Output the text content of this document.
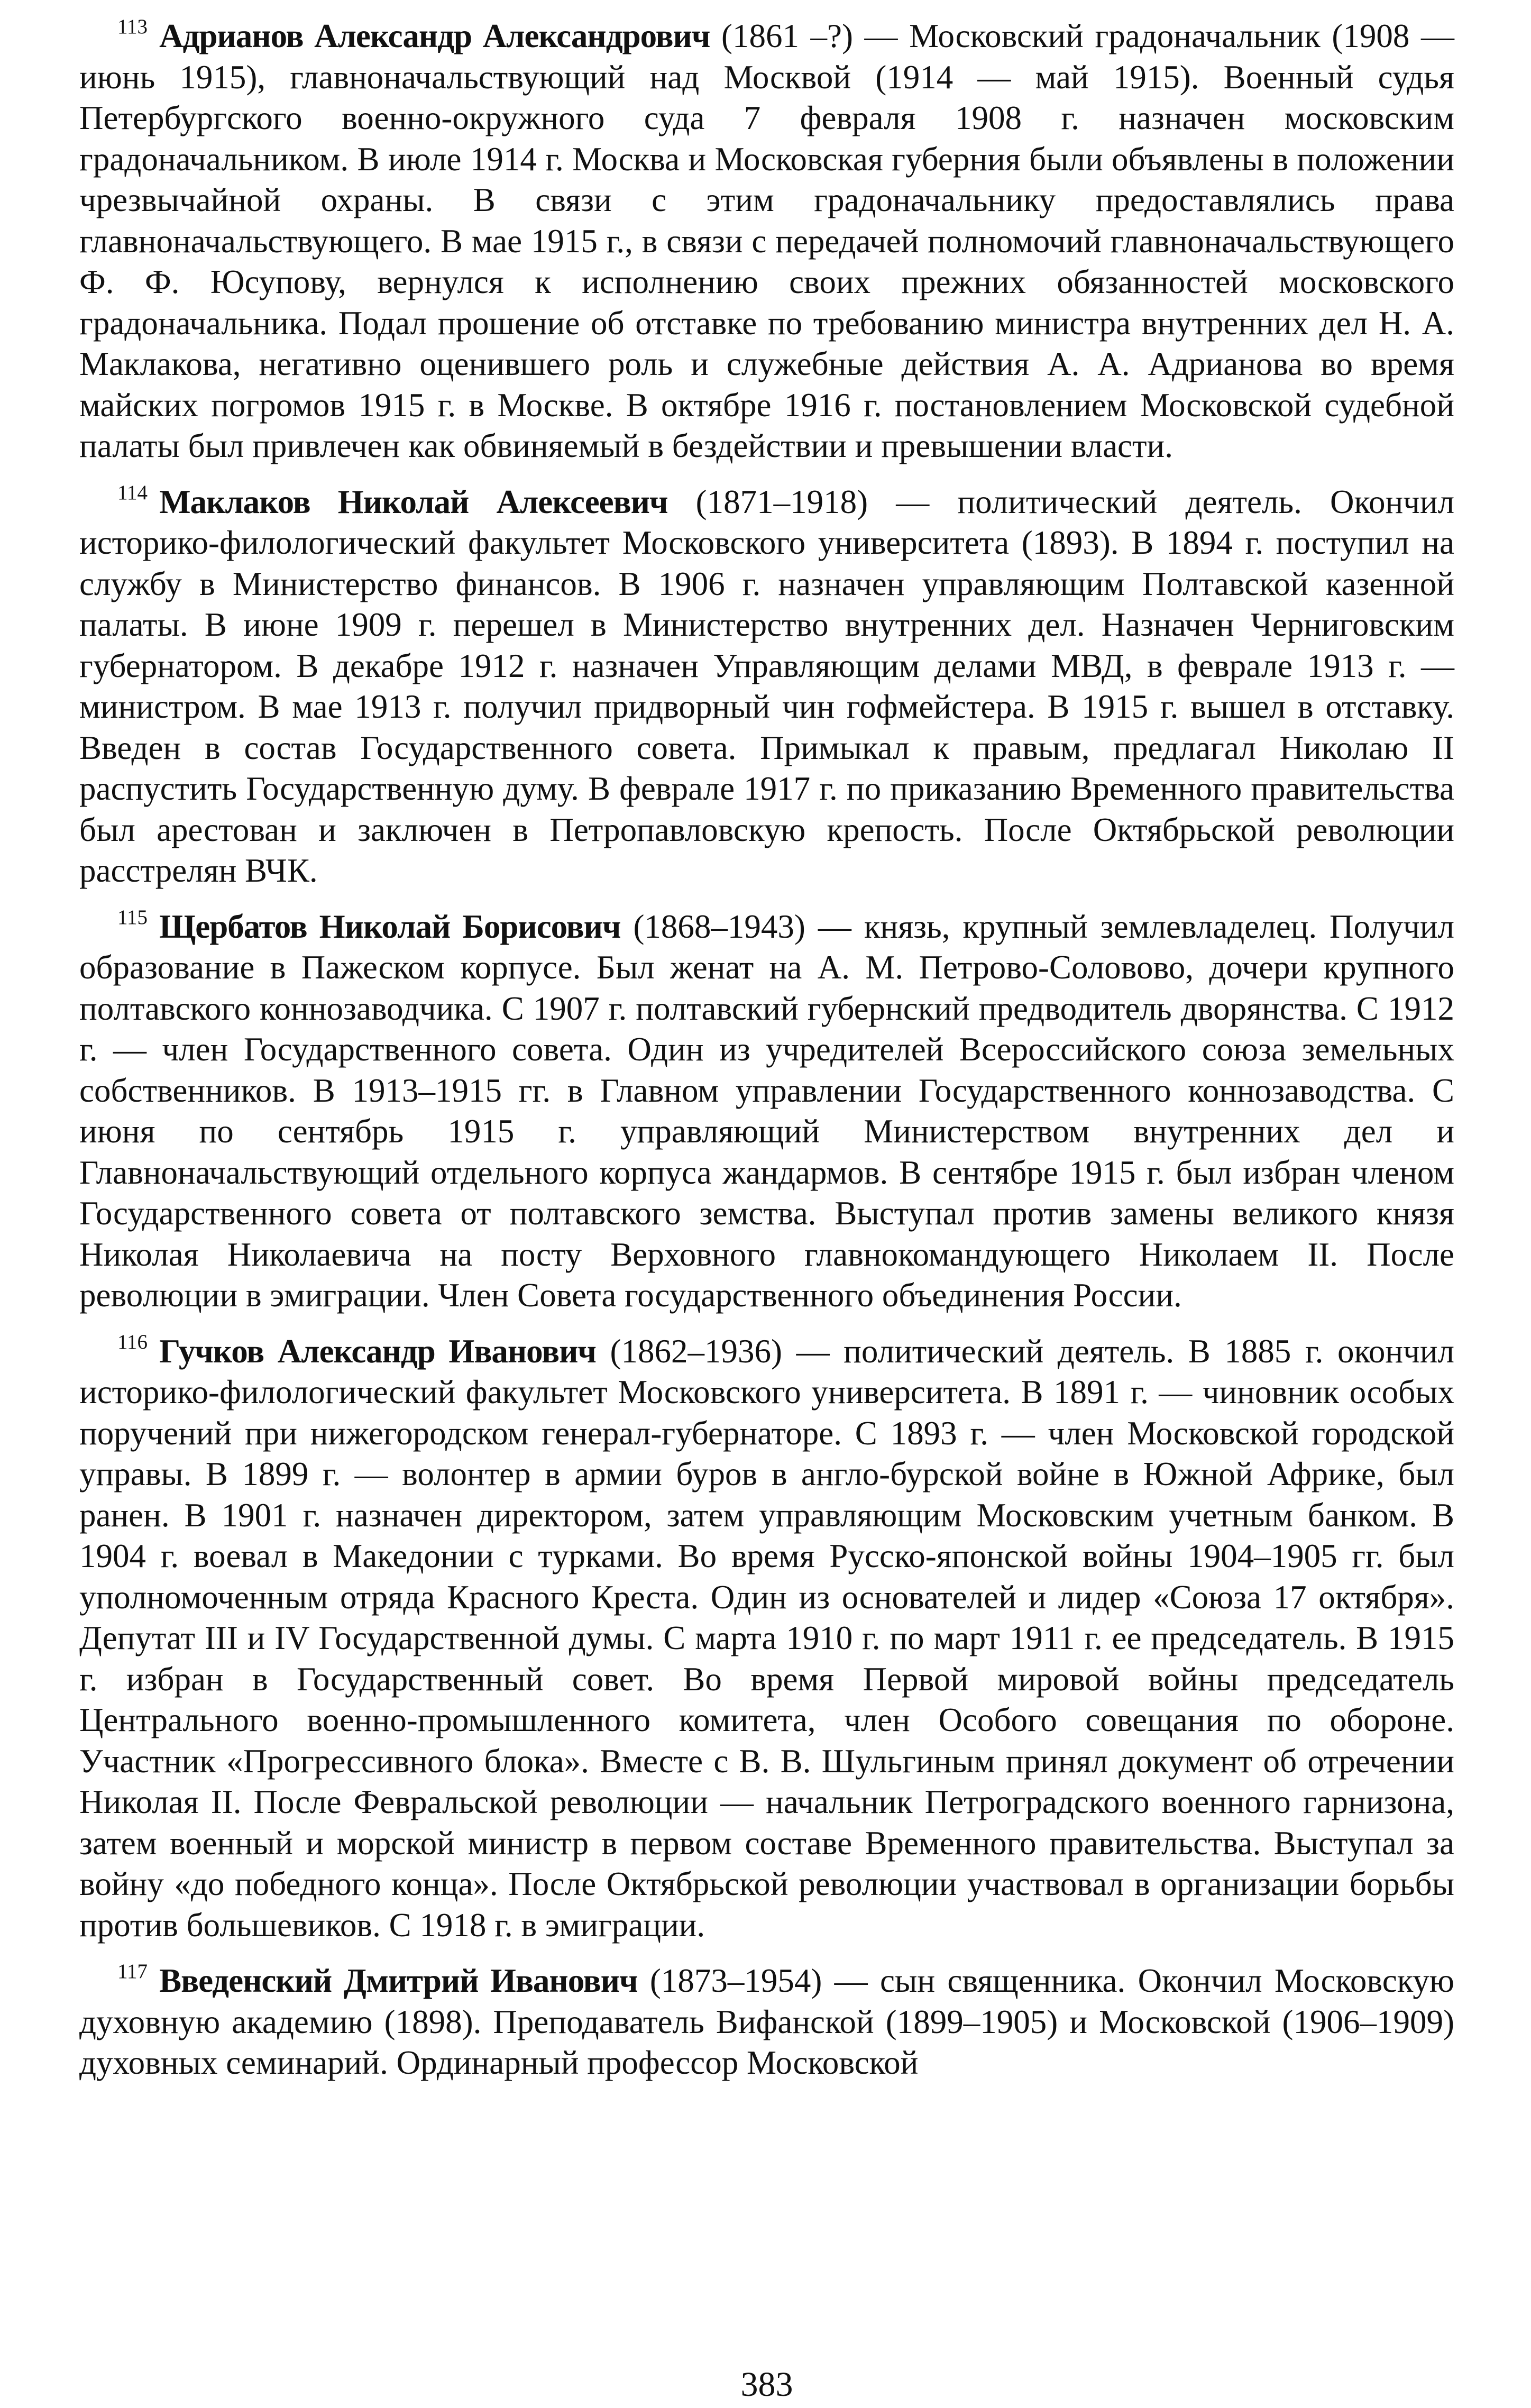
$^{113}$ Адрианов Александр Александрович (1861 –?) — Московский градоначальник (1908 — июнь 1915), главноначальствующий над Москвой (1914 — май 1915). Военный судья Петербургского военно-окружного суда 7 февраля 1908 г. назначен московским градоначальником. В июле 1914 г. Москва и Московская губерния были объявлены в положении чрезвычайной охраны. В связи с этим градоначальнику предоставлялись права главноначальствующего. В мае 1915 г., в связи с передачей полномочий главноначальствующего Ф. Ф. Юсупову, вернулся к исполнению своих прежних обязанностей московского градоначальника. Подал прошение об отставке по требованию министра внутренних дел Н. А. Маклакова, негативно оценившего роль и служебные действия А. А. Адрианова во время майских погромов 1915 г. в Москве. В октябре 1916 г. постановлением Московской судебной палаты был привлечен как обвиняемый в бездействии и превышении власти.

$^{114}$ Маклаков Николай Алексеевич (1871–1918) — политический деятель. Окончил историко-филологический факультет Московского университета (1893). В 1894 г. поступил на службу в Министерство финансов. В 1906 г. назначен управляющим Полтавской казенной палаты. В июне 1909 г. перешел в Министерство внутренних дел. Назначен Черниговским губернатором. В декабре 1912 г. назначен Управляющим делами МВД, в феврале 1913 г. — министром. В мае 1913 г. получил придворный чин гофмейстера. В 1915 г. вышел в отставку. Введен в состав Государственного совета. Примыкал к правым, предлагал Николаю II распустить Государственную думу. В феврале 1917 г. по приказанию Временного правительства был арестован и заключен в Петропавловскую крепость. После Октябрьской революции расстрелян ВЧК.

$^{115}$ Щербатов Николай Борисович (1868–1943) — князь, крупный землевладелец. Получил образование в Пажеском корпусе. Был женат на А. М. Петрово-Соловово, дочери крупного полтавского коннозаводчика. С 1907 г. полтавский губернский предводитель дворянства. С 1912 г. — член Государственного совета. Один из учредителей Всероссийского союза земельных собственников. В 1913–1915 гг. в Главном управлении Государственного коннозаводства. С июня по сентябрь 1915 г. управляющий Министерством внутренних дел и Главноначальствующий отдельного корпуса жандармов. В сентябре 1915 г. был избран членом Государственного совета от полтавского земства. Выступал против замены великого князя Николая Николаевича на посту Верховного главнокомандующего Николаем II. После революции в эмиграции. Член Совета государственного объединения России.

$^{116}$ Гучков Александр Иванович (1862–1936) — политический деятель. В 1885 г. окончил историко-филологический факультет Московского университета. В 1891 г. — чиновник особых поручений при нижегородском генерал-губернаторе. С 1893 г. — член Московской городской управы. В 1899 г. — волонтер в армии буров в англо-бурской войне в Южной Африке, был ранен. В 1901 г. назначен директором, затем управляющим Московским учетным банком. В 1904 г. воевал в Македонии с турками. Во время Русско-японской войны 1904–1905 гг. был уполномоченным отряда Красного Креста. Один из основателей и лидер «Союза 17 октября». Депутат III и IV Государственной думы. С марта 1910 г. по март 1911 г. ее председатель. В 1915 г. избран в Государственный совет. Во время Первой мировой войны председатель Центрального военно-промышленного комитета, член Особого совещания по обороне. Участник «Прогрессивного блока». Вместе с В. В. Шульгиным принял документ об отречении Николая II. После Февральской революции — начальник Петроградского военного гарнизона, затем военный и морской министр в первом составе Временного правительства. Выступал за войну «до победного конца». После Октябрьской революции участвовал в организации борьбы против большевиков. С 1918 г. в эмиграции.

$^{117}$ Введенский Дмитрий Иванович (1873–1954) — сын священника. Окончил Московскую духовную академию (1898). Преподаватель Вифанской (1899–1905) и Московской (1906–1909) духовных семинарий. Ординарный профессор Московской

383
